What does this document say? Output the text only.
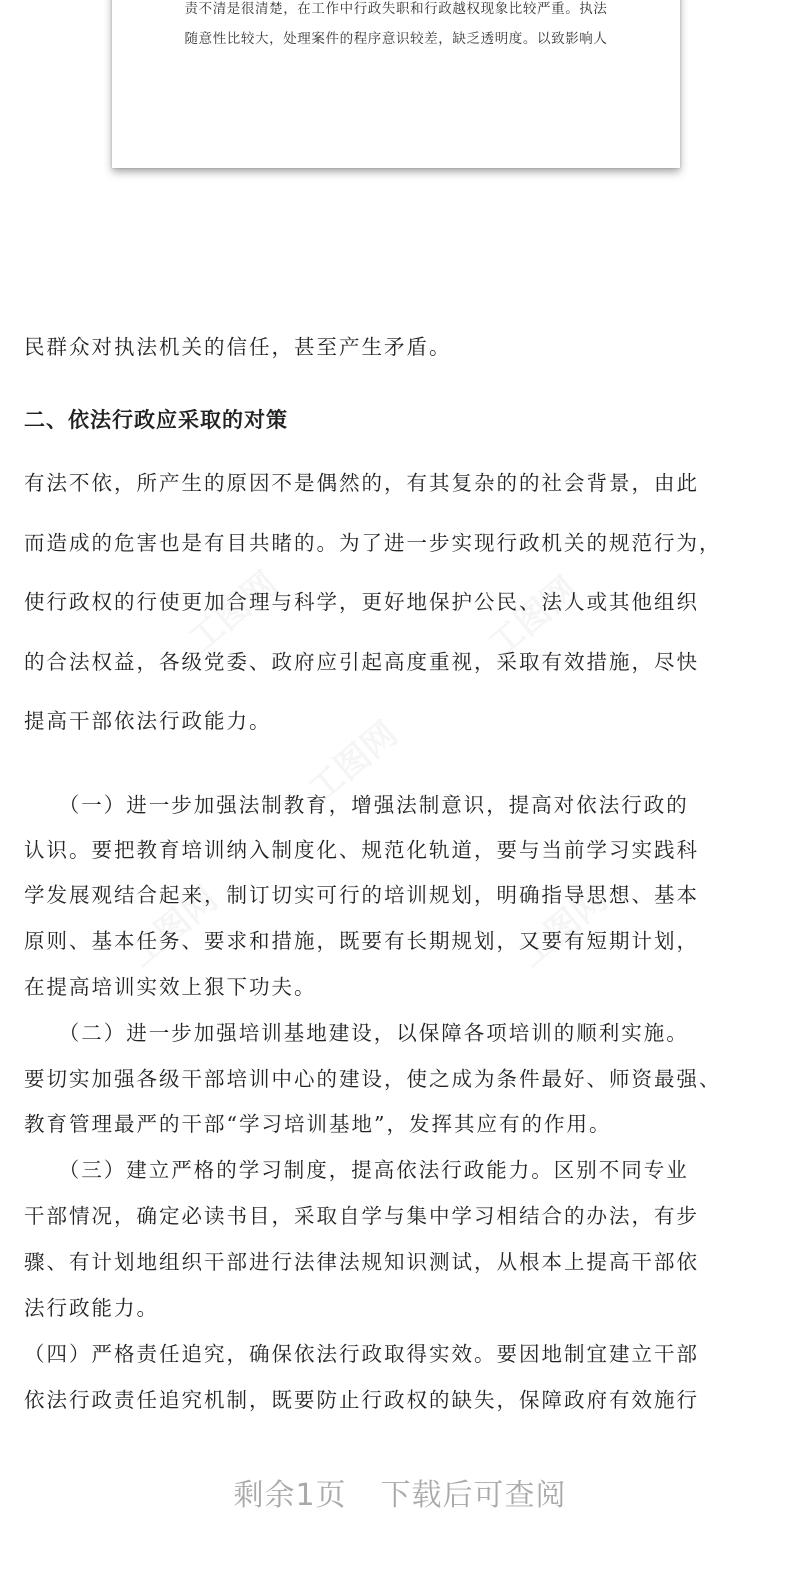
责不清是很清楚，在工作中行政失职和行政越权现象比较严重。执法
随意性比较大，处理案件的程序意识较差，缺乏透明度。以致影响人
工图网	工图网
工图网
工图网	工图网

民群众对执法机关的信任，甚至产生矛盾。

二、依法行政应采取的对策

有法不依，所产生的原因不是偶然的，有其复杂的的社会背景，由此

而造成的危害也是有目共睹的。为了进一步实现行政机关的规范行为，

使行政权的行使更加合理与科学，更好地保护公民、法人或其他组织

的合法权益，各级党委、政府应引起高度重视，采取有效措施，尽快

提高干部依法行政能力。

　　（一）进一步加强法制教育，增强法制意识，提高对依法行政的

认识。要把教育培训纳入制度化、规范化轨道，要与当前学习实践科

学发展观结合起来，制订切实可行的培训规划，明确指导思想、基本

原则、基本任务、要求和措施，既要有长期规划，又要有短期计划，

在提高培训实效上狠下功夫。

　　（二）进一步加强培训基地建设，以保障各项培训的顺利实施。

要切实加强各级干部培训中心的建设，使之成为条件最好、师资最强、

教育管理最严的干部“学习培训基地”，发挥其应有的作用。

　　（三）建立严格的学习制度，提高依法行政能力。区别不同专业

干部情况，确定必读书目，采取自学与集中学习相结合的办法，有步

骤、有计划地组织干部进行法律法规知识测试，从根本上提高干部依

法行政能力。

（四）严格责任追究，确保依法行政取得实效。要因地制宜建立干部

依法行政责任追究机制，既要防止行政权的缺失，保障政府有效施行

剩余1页 下载后可查阅
